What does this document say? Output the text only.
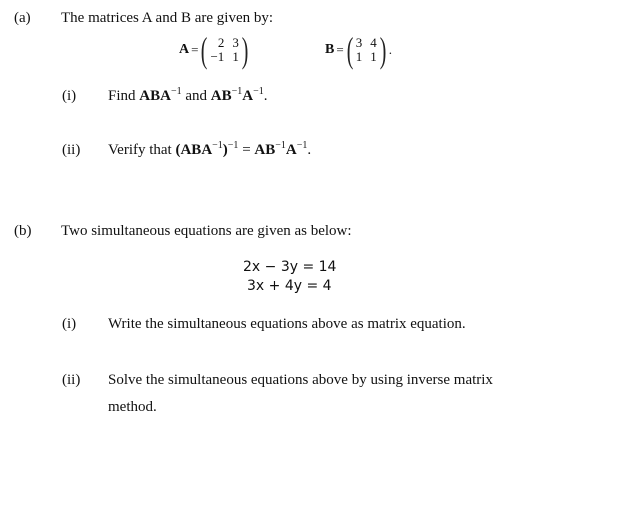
(a) The matrices A and B are given by:
A = ( 2 3
−1 1 )	B = ( 3 4
1 1 ) .
(i) Find $ABA^{-1}$ and $AB^{-1}A^{-1}$.
(ii) Verify that $(ABA^{-1})^{-1} = AB^{-1}A^{-1}$.
(b) Two simultaneous equations are given as below:
2x − 3y = 14
3x + 4y = 4
(i) Write the simultaneous equations above as matrix equation.
(ii) Solve the simultaneous equations above by using inverse matrix
method.
